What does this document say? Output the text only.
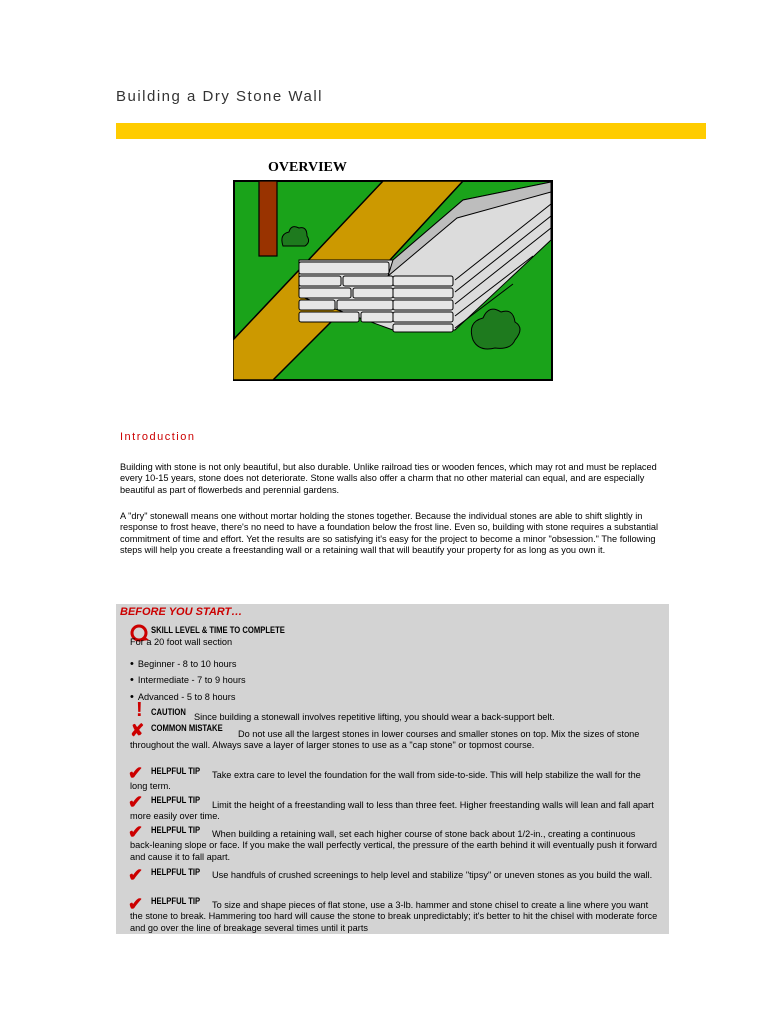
Building a Dry Stone Wall
OVERVIEW
Introduction
Building with stone is not only beautiful, but also durable. Unlike railroad ties or wooden fences, which may rot and must be replaced every 10-15 years, stone does not deteriorate. Stone walls also offer a charm that no other material can equal, and are especially beautiful as part of flowerbeds and perennial gardens.
A "dry" stonewall means one without mortar holding the stones together. Because the individual stones are able to shift slightly in response to frost heave, there's no need to have a foundation below the frost line. Even so, building with stone requires a substantial commitment of time and effort. Yet the results are so satisfying it's easy for the project to become a minor "obsession." The following steps will help you create a freestanding wall or a retaining wall that will beautify your property for as long as you own it.
BEFORE YOU START…
SKILL LEVEL & TIME TO COMPLETE
For a 20 foot wall section
• Beginner - 8 to 10 hours
• Intermediate - 7 to 9 hours
• Advanced - 5 to 8 hours
! CAUTION Since building a stonewall involves repetitive lifting, you should wear a back-support belt.
✘ COMMON MISTAKE
Do not use all the largest stones in lower courses and smaller stones on top. Mix the sizes of stone throughout the wall. Always save a layer of larger stones to use as a "cap stone" or topmost course.
✔ HELPFUL TIP	Take extra care to level the foundation for the wall from side-to-side. This will help stabilize the wall for the long term.
✔ HELPFUL TIP	Limit the height of a freestanding wall to less than three feet. Higher freestanding walls will lean and fall apart more easily over time.
✔ HELPFUL TIP	When building a retaining wall, set each higher course of stone back about 1/2-in., creating a continuous back-leaning slope or face. If you make the wall perfectly vertical, the pressure of the earth behind it will eventually push it forward and cause it to fall apart.
✔ HELPFUL TIP	Use handfuls of crushed screenings to help level and stabilize "tipsy" or uneven stones as you build the wall.
✔ HELPFUL TIP	To size and shape pieces of flat stone, use a 3-lb. hammer and stone chisel to create a line where you want the stone to break. Hammering too hard will cause the stone to break unpredictably; it's better to hit the chisel with moderate force and go over the line of breakage several times until it parts
